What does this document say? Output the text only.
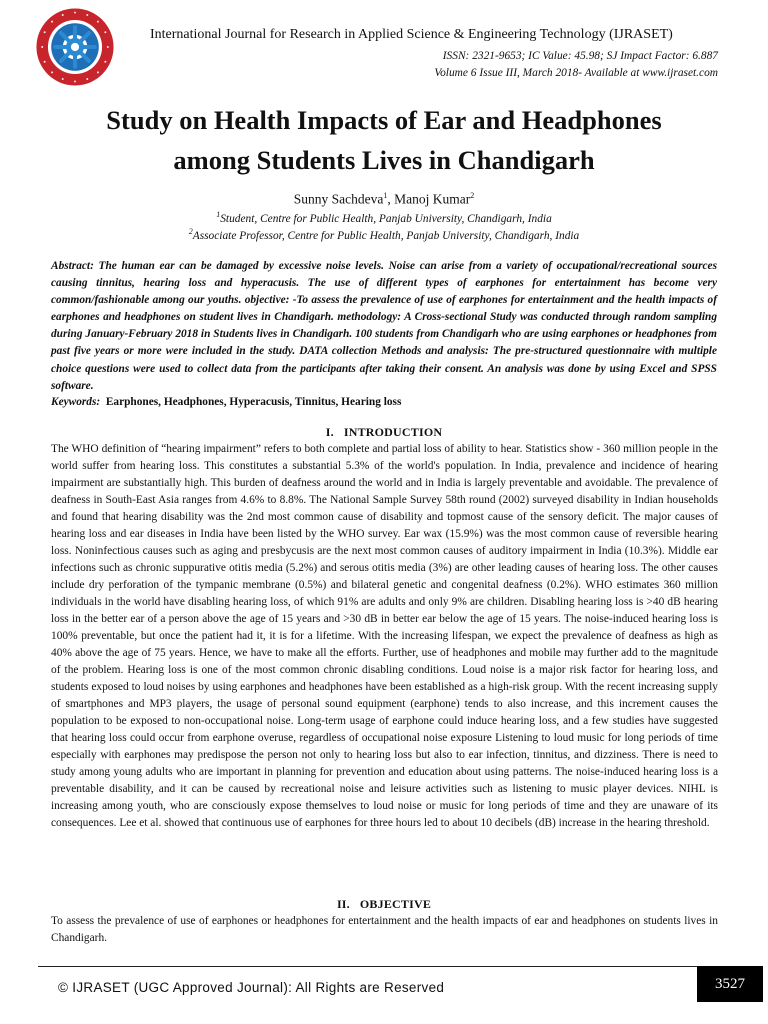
International Journal for Research in Applied Science & Engineering Technology (IJRASET)
ISSN: 2321-9653; IC Value: 45.98; SJ Impact Factor: 6.887
Volume 6 Issue III, March 2018- Available at www.ijraset.com
Study on Health Impacts of Ear and Headphones
among Students Lives in Chandigarh
Sunny Sachdeva$^1$, Manoj Kumar$^2$
$^1$Student, Centre for Public Health, Panjab University, Chandigarh, India
$^2$Associate Professor, Centre for Public Health, Panjab University, Chandigarh, India

Abstract: The human ear can be damaged by excessive noise levels. Noise can arise from a variety of occupational/recreational sources causing tinnitus, hearing loss and hyperacusis. The use of different types of earphones for entertainment has become very common/fashionable among our youths. objective: -To assess the prevalence of use of earphones for entertainment and the health impacts of earphones and headphones on student lives in Chandigarh. methodology: A Cross-sectional Study was conducted through random sampling during January-February 2018 in Students lives in Chandigarh. 100 students from Chandigarh who are using earphones or headphones from past five years or more were included in the study. DATA collection Methods and analysis: The pre-structured questionnaire with multiple choice questions were used to collect data from the participants after taking their consent. An analysis was done by using Excel and SPSS software.

Keywords: Earphones, Headphones, Hyperacusis, Tinnitus, Hearing loss
I. INTRODUCTION

The WHO definition of “hearing impairment” refers to both complete and partial loss of ability to hear. Statistics show - 360 million people in the world suffer from hearing loss. This constitutes a substantial 5.3% of the world's population. In India, prevalence and incidence of hearing impairment are substantially high. This burden of deafness around the world and in India is largely preventable and avoidable. The prevalence of deafness in South-East Asia ranges from 4.6% to 8.8%. The National Sample Survey 58th round (2002) surveyed disability in Indian households and found that hearing disability was the 2nd most common cause of disability and topmost cause of the sensory deficit. The major causes of hearing loss and ear diseases in India have been listed by the WHO survey. Ear wax (15.9%) was the most common cause of reversible hearing loss. Noninfectious causes such as aging and presbycusis are the next most common causes of auditory impairment in India (10.3%). Middle ear infections such as chronic suppurative otitis media (5.2%) and serous otitis media (3%) are other leading causes of hearing loss. The other causes include dry perforation of the tympanic membrane (0.5%) and bilateral genetic and congenital deafness (0.2%). WHO estimates 360 million individuals in the world have disabling hearing loss, of which 91% are adults and only 9% are children. Disabling hearing loss is >40 dB hearing loss in the better ear of a person above the age of 15 years and >30 dB in better ear below the age of 15 years. The noise-induced hearing loss is 100% preventable, but once the patient had it, it is for a lifetime. With the increasing lifespan, we expect the prevalence of deafness as high as 40% above the age of 75 years. Hence, we have to make all the efforts. Further, use of headphones and mobile may further add to the magnitude of the problem. Hearing loss is one of the most common chronic disabling conditions. Loud noise is a major risk factor for hearing loss, and students exposed to loud noises by using earphones and headphones have been established as a high-risk group. With the recent increasing supply of smartphones and MP3 players, the usage of personal sound equipment (earphone) tends to also increase, and this increment causes the population to be exposed to non-occupational noise. Long-term usage of earphone could induce hearing loss, and a few studies have suggested that hearing loss could occur from earphone overuse, regardless of occupational noise exposure Listening to loud music for long periods of time especially with earphones may predispose the person not only to hearing loss but also to ear infection, tinnitus, and dizziness. There is need to study among young adults who are important in planning for prevention and education about using patterns. The noise-induced hearing loss is a preventable disability, and it can be caused by recreational noise and leisure activities such as listening to music player devices. NIHL is increasing among youth, who are consciously expose themselves to loud noise or music for long periods of time and they are unaware of its consequences. Lee et al. showed that continuous use of earphones for three hours led to about 10 decibels (dB) increase in the hearing threshold.

II. OBJECTIVE

To assess the prevalence of use of earphones or headphones for entertainment and the health impacts of ear and headphones on students lives in Chandigarh.

© IJRASET (UGC Approved Journal): All Rights are Reserved	3527
